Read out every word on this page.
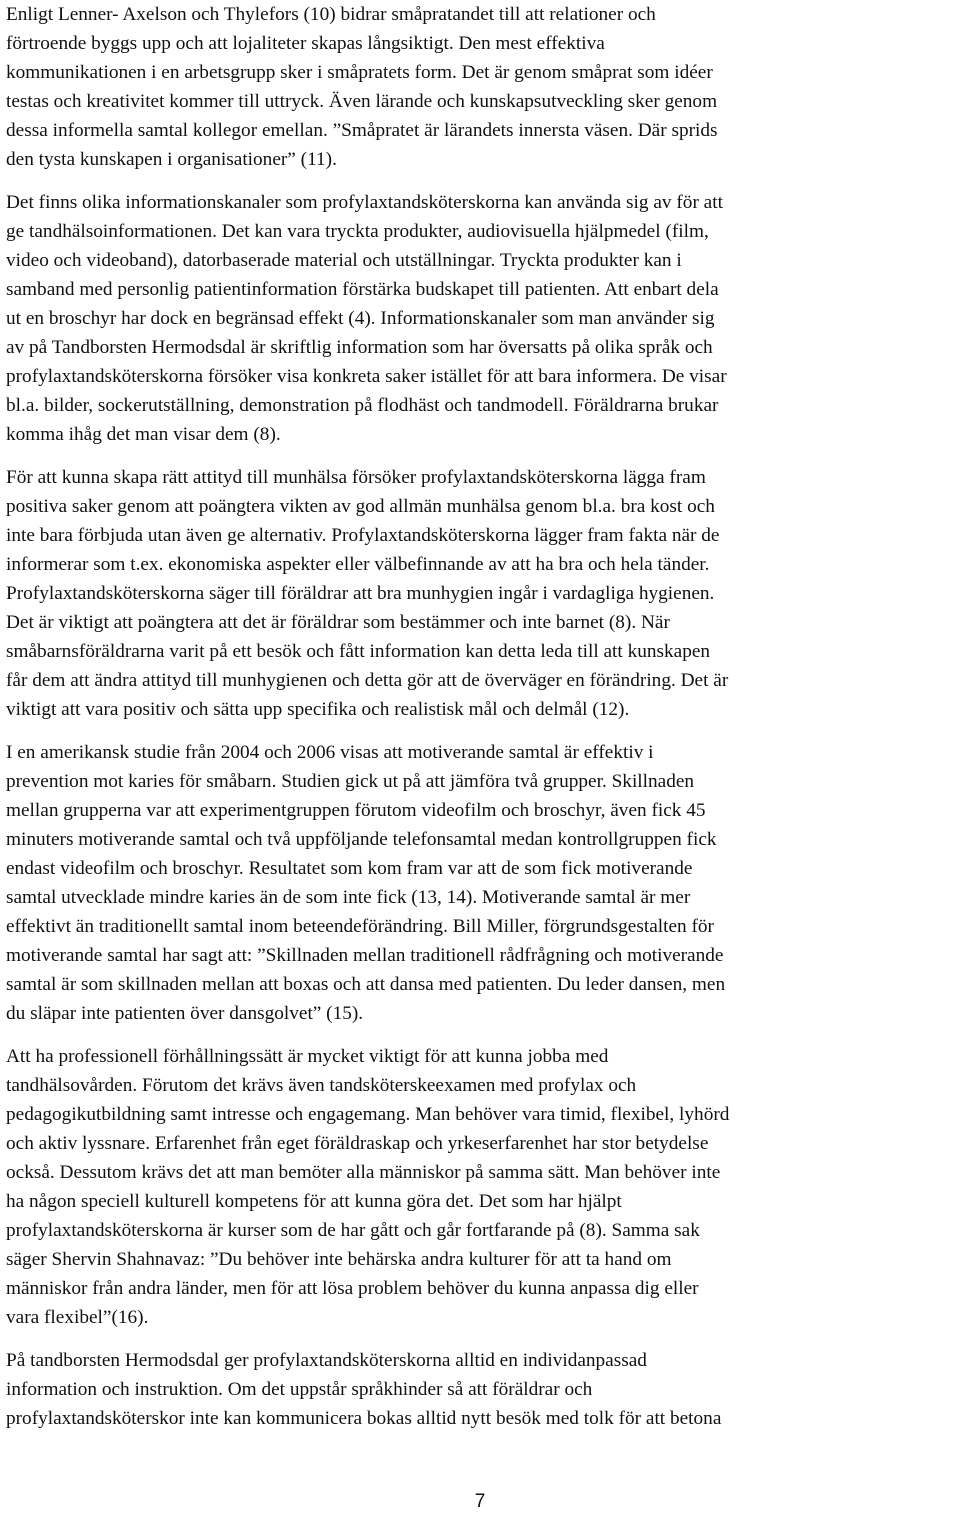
Enligt Lenner- Axelson och Thylefors (10) bidrar småpratandet till att relationer och
förtroende byggs upp och att lojaliteter skapas långsiktigt. Den mest effektiva
kommunikationen i en arbetsgrupp sker i småpratets form. Det är genom småprat som idéer
testas och kreativitet kommer till uttryck. Även lärande och kunskapsutveckling sker genom
dessa informella samtal kollegor emellan. ”Småpratet är lärandets innersta väsen. Där sprids
den tysta kunskapen i organisationer” (11).

Det finns olika informationskanaler som profylaxtandsköterskorna kan använda sig av för att
ge tandhälsoinformationen. Det kan vara tryckta produkter, audiovisuella hjälpmedel (film,
video och videoband), datorbaserade material och utställningar. Tryckta produkter kan i
samband med personlig patientinformation förstärka budskapet till patienten. Att enbart dela
ut en broschyr har dock en begränsad effekt (4). Informationskanaler som man använder sig
av på Tandborsten Hermodsdal är skriftlig information som har översatts på olika språk och
profylaxtandsköterskorna försöker visa konkreta saker istället för att bara informera. De visar
bl.a. bilder, sockerutställning, demonstration på flodhäst och tandmodell. Föräldrarna brukar
komma ihåg det man visar dem (8).

För att kunna skapa rätt attityd till munhälsa försöker profylaxtandsköterskorna lägga fram
positiva saker genom att poängtera vikten av god allmän munhälsa genom bl.a. bra kost och
inte bara förbjuda utan även ge alternativ. Profylaxtandsköterskorna lägger fram fakta när de
informerar som t.ex. ekonomiska aspekter eller välbefinnande av att ha bra och hela tänder.
Profylaxtandsköterskorna säger till föräldrar att bra munhygien ingår i vardagliga hygienen.
Det är viktigt att poängtera att det är föräldrar som bestämmer och inte barnet (8). När
småbarnsföräldrarna varit på ett besök och fått information kan detta leda till att kunskapen
får dem att ändra attityd till munhygienen och detta gör att de överväger en förändring. Det är
viktigt att vara positiv och sätta upp specifika och realistisk mål och delmål (12).

I en amerikansk studie från 2004 och 2006 visas att motiverande samtal är effektiv i
prevention mot karies för småbarn. Studien gick ut på att jämföra två grupper. Skillnaden
mellan grupperna var att experimentgruppen förutom videofilm och broschyr, även fick 45
minuters motiverande samtal och två uppföljande telefonsamtal medan kontrollgruppen fick
endast videofilm och broschyr. Resultatet som kom fram var att de som fick motiverande
samtal utvecklade mindre karies än de som inte fick (13, 14). Motiverande samtal är mer
effektivt än traditionellt samtal inom beteendeförändring. Bill Miller, förgrundsgestalten för
motiverande samtal har sagt att: ”Skillnaden mellan traditionell rådfrågning och motiverande
samtal är som skillnaden mellan att boxas och att dansa med patienten. Du leder dansen, men
du släpar inte patienten över dansgolvet” (15).

Att ha professionell förhållningssätt är mycket viktigt för att kunna jobba med
tandhälsovården. Förutom det krävs även tandsköterskeexamen med profylax och
pedagogikutbildning samt intresse och engagemang. Man behöver vara timid, flexibel, lyhörd
och aktiv lyssnare. Erfarenhet från eget föräldraskap och yrkeserfarenhet har stor betydelse
också. Dessutom krävs det att man bemöter alla människor på samma sätt. Man behöver inte
ha någon speciell kulturell kompetens för att kunna göra det. Det som har hjälpt
profylaxtandsköterskorna är kurser som de har gått och går fortfarande på (8). Samma sak
säger Shervin Shahnavaz: ”Du behöver inte behärska andra kulturer för att ta hand om
människor från andra länder, men för att lösa problem behöver du kunna anpassa dig eller
vara flexibel”(16).

På tandborsten Hermodsdal ger profylaxtandsköterskorna alltid en individanpassad
information och instruktion. Om det uppstår språkhinder så att föräldrar och
profylaxtandsköterskor inte kan kommunicera bokas alltid nytt besök med tolk för att betona

7
